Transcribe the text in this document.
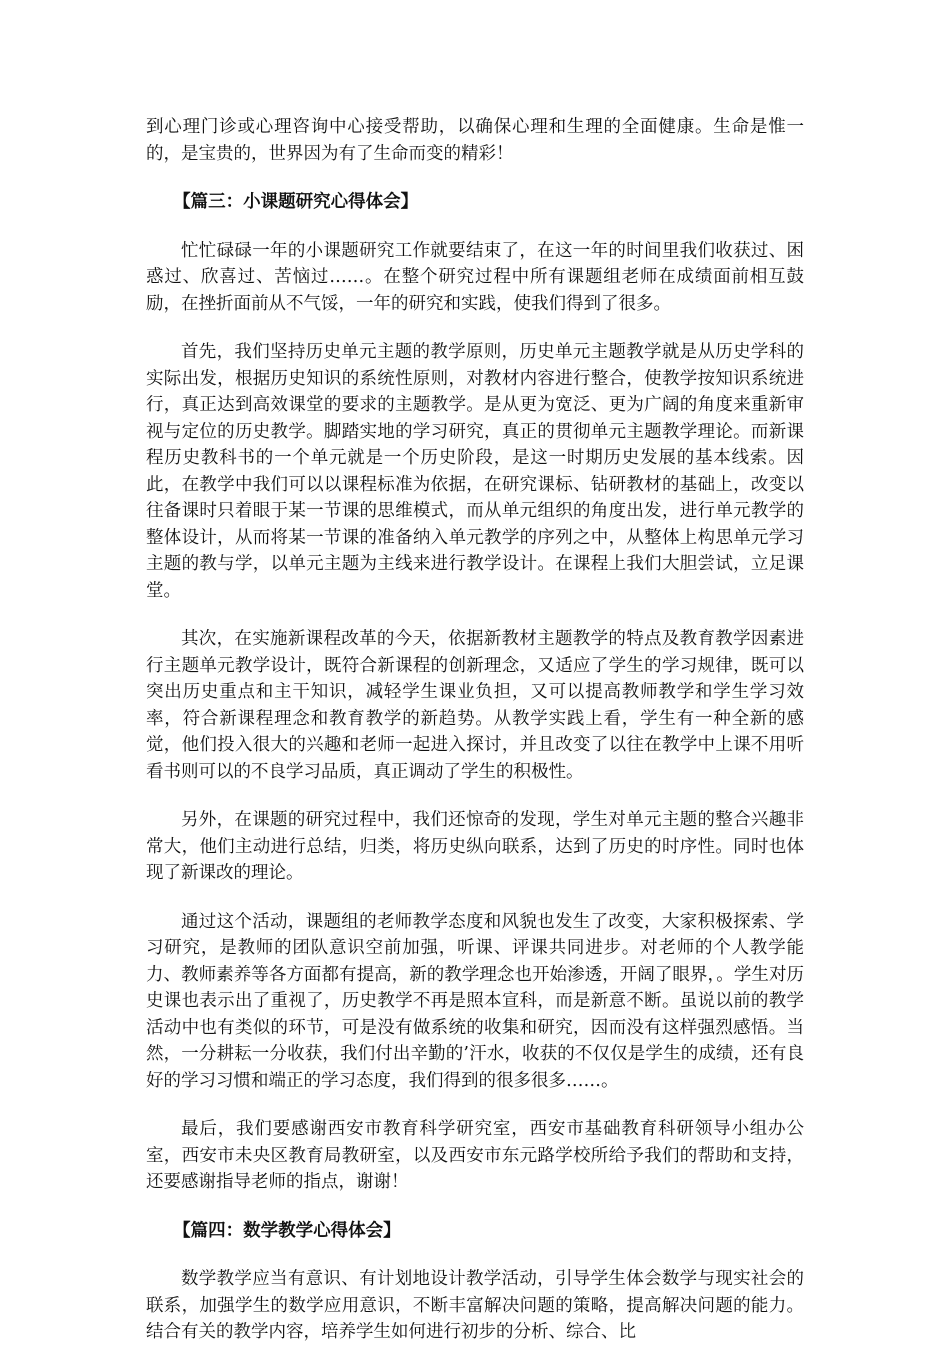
到心理门诊或心理咨询中心接受帮助，以确保心理和生理的全面健康。生命是惟一的，是宝贵的，世界因为有了生命而变的精彩！

【篇三：小课题研究心得体会】

忙忙碌碌一年的小课题研究工作就要结束了，在这一年的时间里我们收获过、困惑过、欣喜过、苦恼过……。在整个研究过程中所有课题组老师在成绩面前相互鼓励，在挫折面前从不气馁，一年的研究和实践，使我们得到了很多。

首先，我们坚持历史单元主题的教学原则，历史单元主题教学就是从历史学科的实际出发，根据历史知识的系统性原则，对教材内容进行整合，使教学按知识系统进行，真正达到高效课堂的要求的主题教学。是从更为宽泛、更为广阔的角度来重新审视与定位的历史教学。脚踏实地的学习研究，真正的贯彻单元主题教学理论。而新课程历史教科书的一个单元就是一个历史阶段，是这一时期历史发展的基本线索。因此，在教学中我们可以以课程标准为依据，在研究课标、钻研教材的基础上，改变以往备课时只着眼于某一节课的思维模式，而从单元组织的角度出发，进行单元教学的整体设计，从而将某一节课的准备纳入单元教学的序列之中，从整体上构思单元学习主题的教与学，以单元主题为主线来进行教学设计。在课程上我们大胆尝试，立足课堂。

其次，在实施新课程改革的今天，依据新教材主题教学的特点及教育教学因素进行主题单元教学设计，既符合新课程的创新理念，又适应了学生的学习规律，既可以突出历史重点和主干知识，减轻学生课业负担，又可以提高教师教学和学生学习效率，符合新课程理念和教育教学的新趋势。从教学实践上看，学生有一种全新的感觉，他们投入很大的兴趣和老师一起进入探讨，并且改变了以往在教学中上课不用听看书则可以的不良学习品质，真正调动了学生的积极性。

另外，在课题的研究过程中，我们还惊奇的发现，学生对单元主题的整合兴趣非常大，他们主动进行总结，归类，将历史纵向联系，达到了历史的时序性。同时也体现了新课改的理论。

通过这个活动，课题组的老师教学态度和风貌也发生了改变，大家积极探索、学习研究，是教师的团队意识空前加强，听课、评课共同进步。对老师的个人教学能力、教师素养等各方面都有提高，新的教学理念也开始渗透，开阔了眼界，。学生对历史课也表示出了重视了，历史教学不再是照本宣科，而是新意不断。虽说以前的教学活动中也有类似的环节，可是没有做系统的收集和研究，因而没有这样强烈感悟。当然，一分耕耘一分收获，我们付出辛勤的’汗水，收获的不仅仅是学生的成绩，还有良好的学习习惯和端正的学习态度，我们得到的很多很多……。

最后，我们要感谢西安市教育科学研究室，西安市基础教育科研领导小组办公室，西安市未央区教育局教研室，以及西安市东元路学校所给予我们的帮助和支持，还要感谢指导老师的指点，谢谢！

【篇四：数学教学心得体会】

数学教学应当有意识、有计划地设计教学活动，引导学生体会数学与现实社会的联系，加强学生的数学应用意识，不断丰富解决问题的策略，提高解决问题的能力。结合有关的教学内容，培养学生如何进行初步的分析、综合、比
